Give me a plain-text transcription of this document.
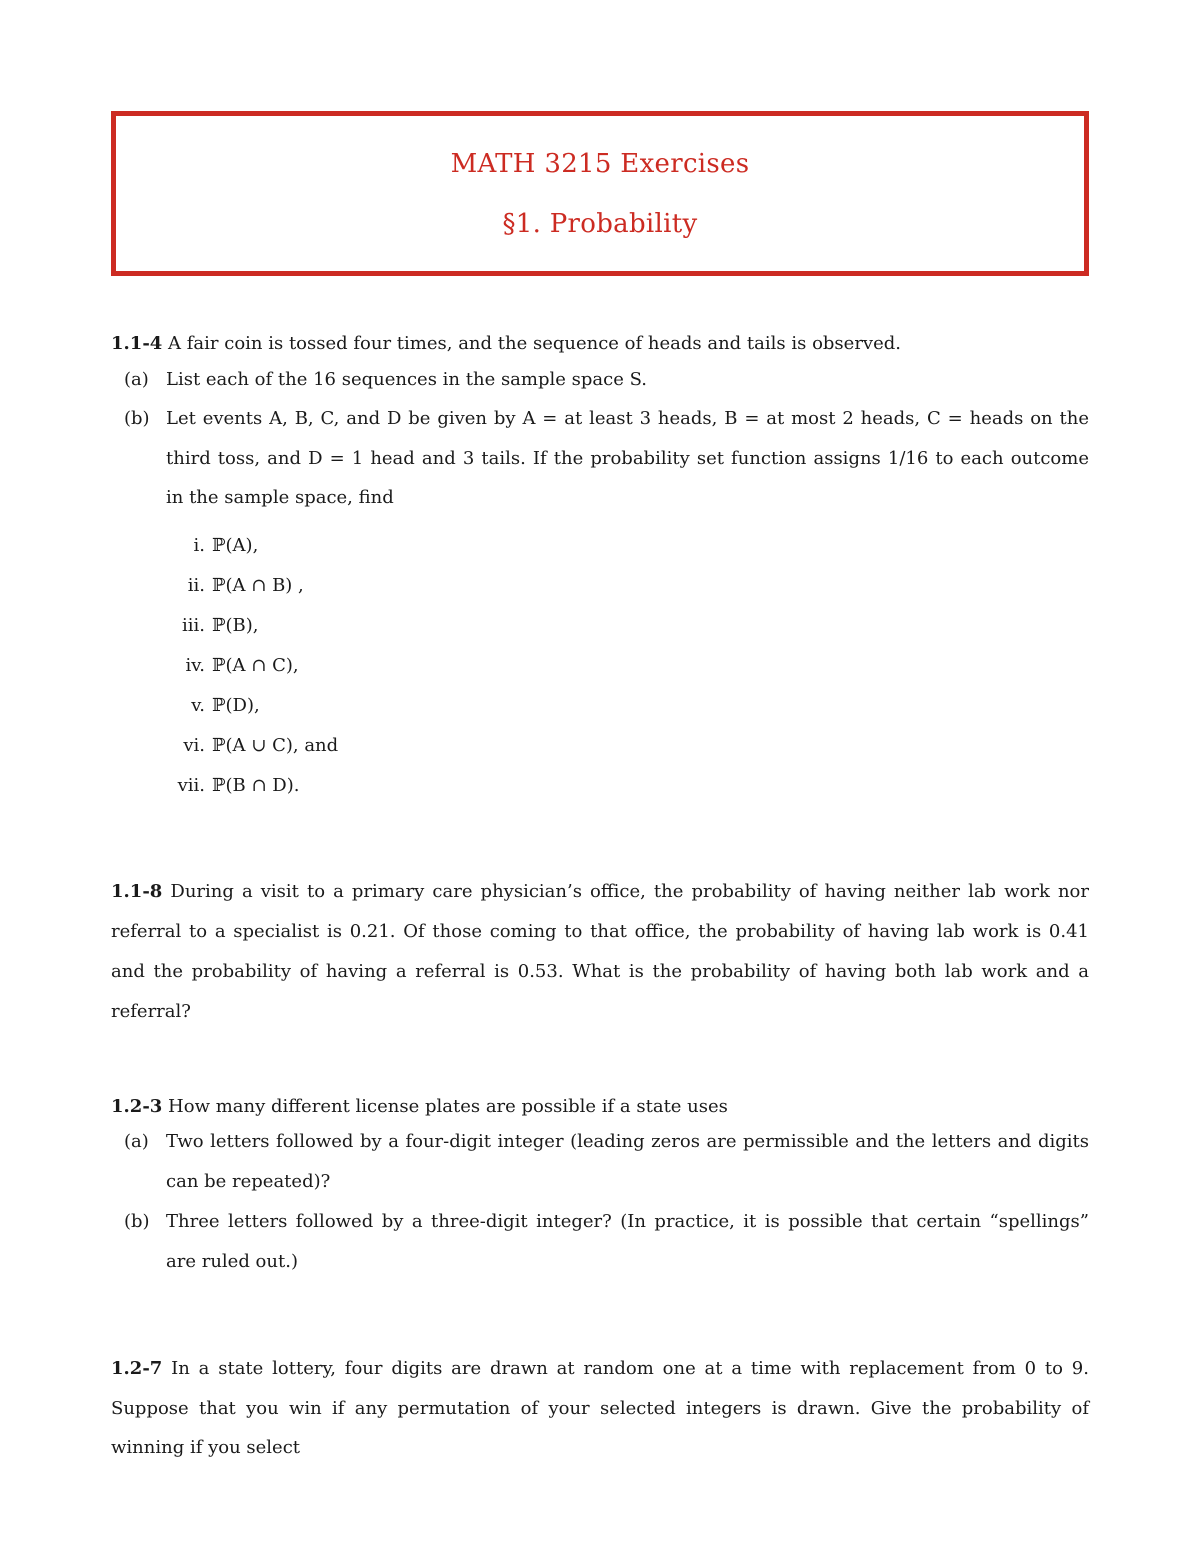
MATH 3215 Exercises
§1. Probability
1.1-4 A fair coin is tossed four times, and the sequence of heads and tails is observed.
(a) List each of the 16 sequences in the sample space S.
(b) Let events A, B, C, and D be given by A = at least 3 heads, B = at most 2 heads, C = heads on the
third toss, and D = 1 head and 3 tails. If the probability set function assigns 1/16 to each outcome
in the sample space, find
i. ℙ(A),
ii. ℙ(A ∩ B) ,
iii. ℙ(B),
iv. ℙ(A ∩ C),
v. ℙ(D),
vi. ℙ(A ∪ C), and
vii. ℙ(B ∩ D).
1.1-8 During a visit to a primary care physician’s office, the probability of having neither lab work nor
referral to a specialist is 0.21. Of those coming to that office, the probability of having lab work is 0.41
and the probability of having a referral is 0.53. What is the probability of having both lab work and a
referral?
1.2-3 How many different license plates are possible if a state uses
(a) Two letters followed by a four-digit integer (leading zeros are permissible and the letters and digits
can be repeated)?
(b) Three letters followed by a three-digit integer? (In practice, it is possible that certain “spellings”
are ruled out.)
1.2-7 In a state lottery, four digits are drawn at random one at a time with replacement from 0 to 9.
Suppose that you win if any permutation of your selected integers is drawn. Give the probability of
winning if you select
